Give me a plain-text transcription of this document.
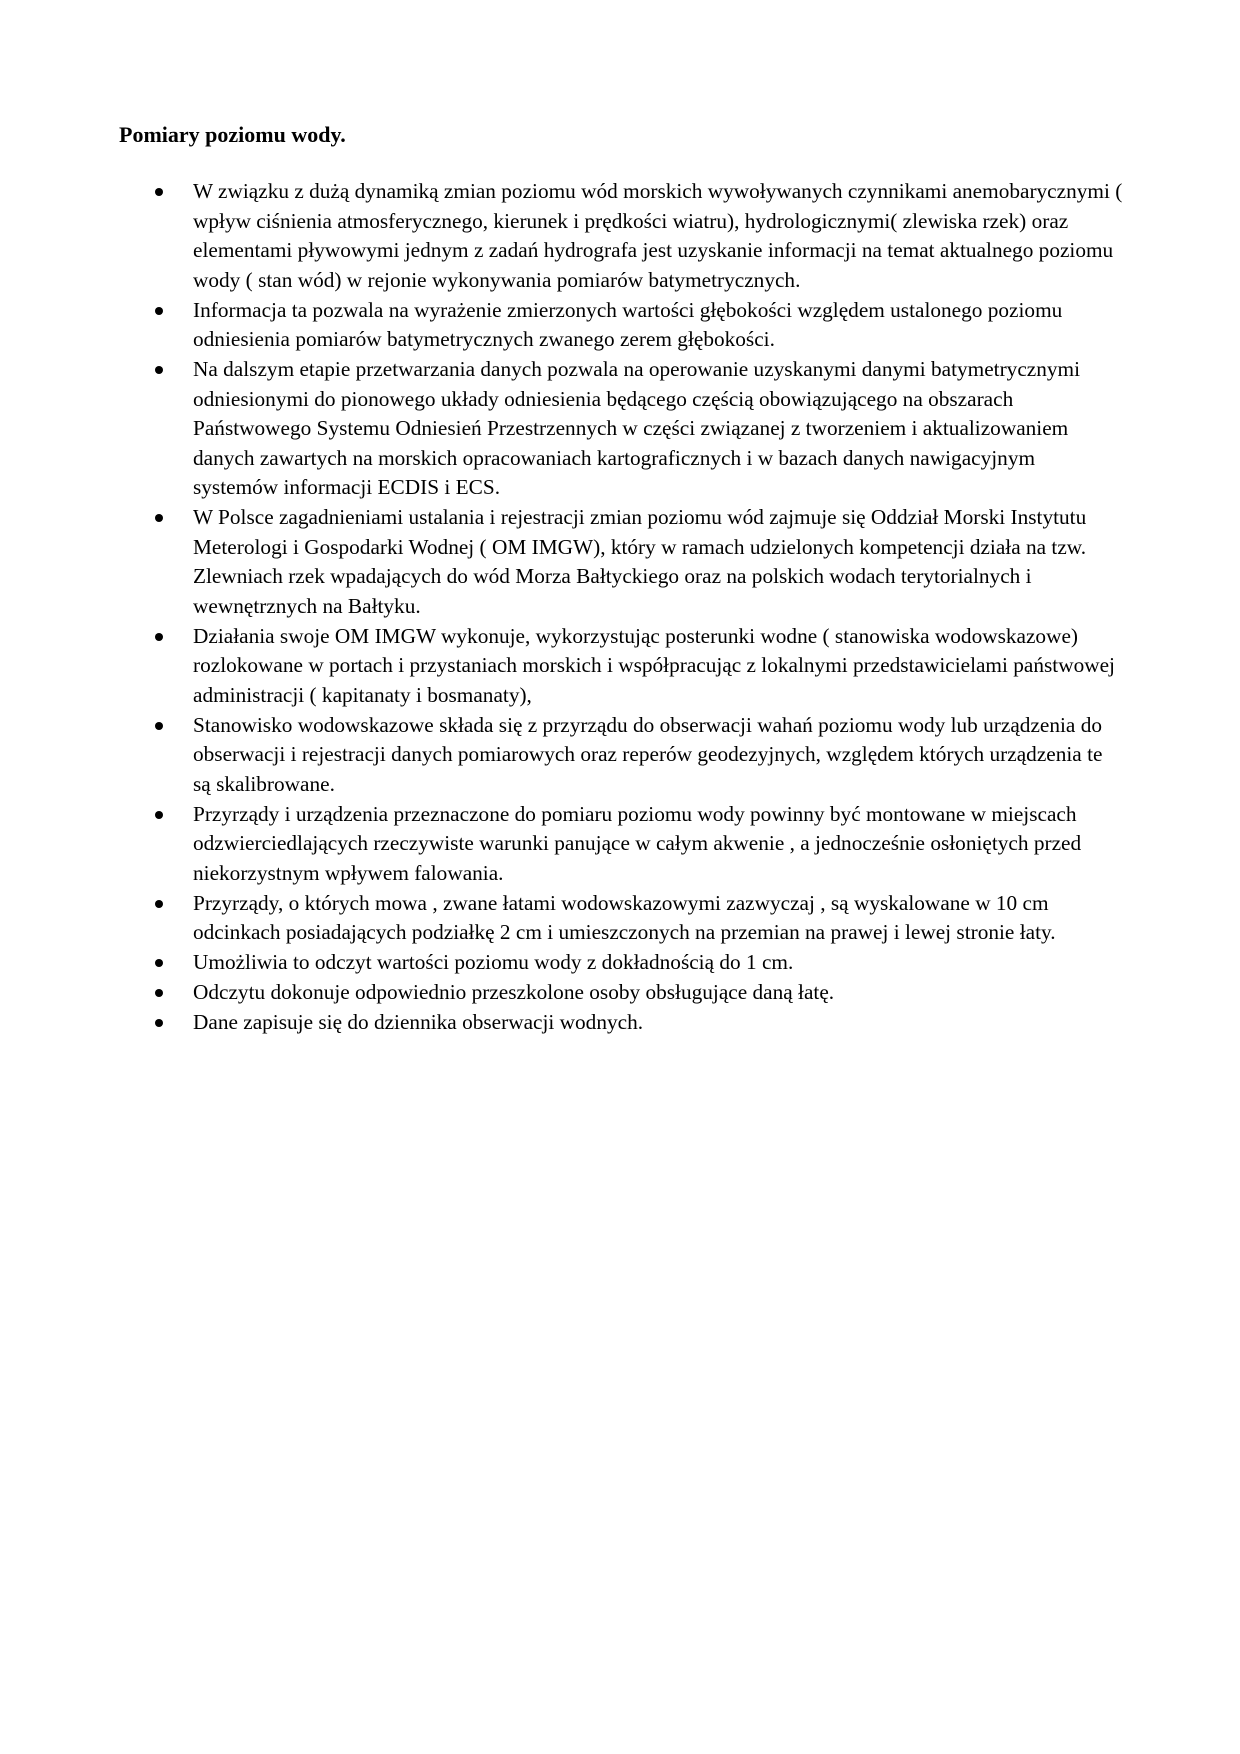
Pomiary poziomu wody.
W związku z dużą dynamiką zmian poziomu wód morskich wywoływanych czynnikami anemobarycznymi ( wpływ ciśnienia atmosferycznego, kierunek i prędkości wiatru), hydrologicznymi( zlewiska rzek) oraz elementami pływowymi jednym z zadań hydrografa jest uzyskanie informacji na temat aktualnego poziomu wody ( stan wód) w rejonie wykonywania pomiarów batymetrycznych.
Informacja ta pozwala na wyrażenie zmierzonych wartości głębokości względem ustalonego poziomu odniesienia pomiarów batymetrycznych zwanego zerem głębokości.
Na dalszym etapie przetwarzania danych pozwala na operowanie uzyskanymi danymi batymetrycznymi odniesionymi do pionowego układy odniesienia będącego częścią obowiązującego na obszarach Państwowego Systemu Odniesień Przestrzennych w części związanej z tworzeniem i aktualizowaniem danych zawartych na morskich opracowaniach kartograficznych i w bazach danych nawigacyjnym systemów informacji ECDIS i ECS.
W Polsce zagadnieniami ustalania i rejestracji zmian poziomu wód zajmuje się Oddział Morski Instytutu Meterologi i Gospodarki Wodnej ( OM IMGW), który w ramach udzielonych kompetencji działa na tzw. Zlewniach rzek wpadających do wód Morza Bałtyckiego oraz na polskich wodach terytorialnych i wewnętrznych na Bałtyku.
Działania swoje OM IMGW wykonuje, wykorzystując posterunki wodne ( stanowiska wodowskazowe) rozlokowane w portach i przystaniach morskich i współpracując z lokalnymi przedstawicielami państwowej administracji ( kapitanaty i bosmanaty),
Stanowisko wodowskazowe składa się z przyrządu do obserwacji wahań poziomu wody lub urządzenia do obserwacji i rejestracji danych pomiarowych oraz reperów geodezyjnych, względem których urządzenia te są skalibrowane.
Przyrządy i urządzenia przeznaczone do pomiaru poziomu wody powinny być montowane w miejscach odzwierciedlających rzeczywiste warunki panujące w całym akwenie , a jednocześnie osłoniętych przed niekorzystnym wpływem falowania.
Przyrządy, o których mowa , zwane łatami wodowskazowymi zazwyczaj , są wyskalowane w 10 cm odcinkach posiadających podziałkę 2 cm i umieszczonych na przemian na prawej i lewej stronie łaty.
Umożliwia to odczyt wartości poziomu wody z dokładnością do 1 cm.
Odczytu dokonuje odpowiednio przeszkolone osoby obsługujące daną łatę.
Dane zapisuje się do dziennika obserwacji wodnych.
